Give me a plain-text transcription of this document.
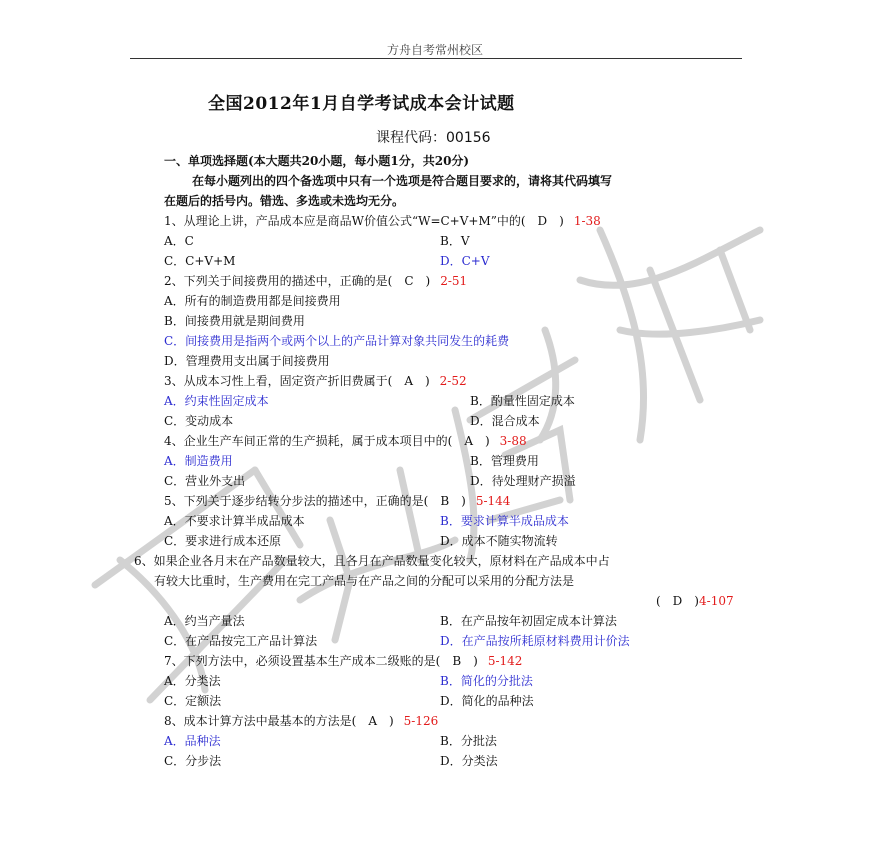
方舟自考常州校区
全国2012年1月自学考试成本会计试题
课程代码：00156
一、单项选择题(本大题共20小题，每小题1分，共20分)
在每小题列出的四个备选项中只有一个选项是符合题目要求的，请将其代码填写
在题后的括号内。错选、多选或未选均无分。
1、从理论上讲，产品成本应是商品W价值公式“W=C+V+M”中的(　D　) 1-38
A．C	B．V
C．C+V+M	D．C+V
2、下列关于间接费用的描述中，正确的是(　C　) 2-51
A．所有的制造费用都是间接费用
B．间接费用就是期间费用
C．间接费用是指两个或两个以上的产品计算对象共同发生的耗费
D．管理费用支出属于间接费用
3、从成本习性上看，固定资产折旧费属于(　A　) 2-52
A．约束性固定成本	B．酌量性固定成本
C．变动成本	D．混合成本
4、企业生产车间正常的生产损耗，属于成本项目中的(　A　) 3-88
A．制造费用	B．管理费用
C．营业外支出	D．待处理财产损溢
5、下列关于逐步结转分步法的描述中，正确的是(　B　) 5-144
A．不要求计算半成品成本	B．要求计算半成品成本
C．要求进行成本还原	D．成本不随实物流转
6、如果企业各月末在产品数量较大，且各月在产品数量变化较大，原材料在产品成本中占
有较大比重时，生产费用在完工产品与在产品之间的分配可以采用的分配方法是
(　D　)4-107
A．约当产量法	B．在产品按年初固定成本计算法
C．在产品按完工产品计算法	D．在产品按所耗原材料费用计价法
7、下列方法中，必须设置基本生产成本二级账的是(　B　) 5-142
A．分类法	B．简化的分批法
C．定额法	D．简化的品种法
8、成本计算方法中最基本的方法是(　A　) 5-126
A．品种法	B．分批法
C．分步法	D．分类法
